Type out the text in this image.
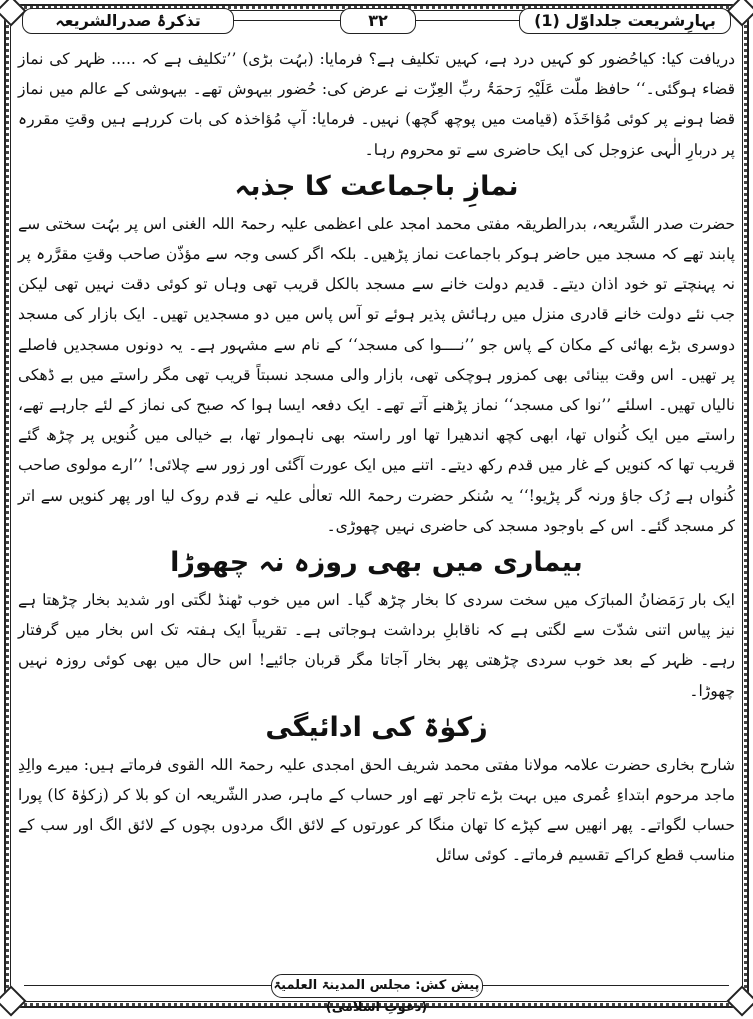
بہارِشریعت جلداوّل (1)
۳۲
تذکرۂ صدرالشریعہ

دریافت کیا: کیاحُضور کو کہیں درد ہے، کہیں تکلیف ہے؟ فرمایا: (بہُت بڑی) ’’تکلیف ہے کہ ..... ظہر کی نماز قضاء ہوگئی۔‘‘ حافظ ملّت عَلَیْہِ رَحمَۃُ ربِّ العِزّت نے عرض کی: حُضور بیہوش تھے۔ بیہوشی کے عالم میں نماز قضا ہونے پر کوئی مُؤاخَذَہ (قیامت میں پوچھ گچھ) نہیں۔ فرمایا: آپ مُؤاخذہ کی بات کررہے ہیں وقتِ مقررہ پر دربارِ الٰہی عزوجل کی ایک حاضری سے تو محروم رہا۔

نمازِ باجماعت کا جذبہ

حضرت صدر الشّریعہ، بدرالطریقہ مفتی محمد امجد علی اعظمی علیہ رحمۃ اللہ الغنی اس پر بہُت سختی سے پابند تھے کہ مسجد میں حاضر ہوکر باجماعت نماز پڑھیں۔ بلکہ اگر کسی وجہ سے مؤذّن صاحب وقتِ مقرَّرہ پر نہ پہنچتے تو خود اذان دیتے۔ قدیم دولت خانے سے مسجد بالکل قریب تھی وہاں تو کوئی دقت نہیں تھی لیکن جب نئے دولت خانے قادری منزل میں رہائش پذیر ہوئے تو آس پاس میں دو مسجدیں تھیں۔ ایک بازار کی مسجد دوسری بڑے بھائی کے مکان کے پاس جو ’’نــــوا کی مسجد‘‘ کے نام سے مشہور ہے۔ یہ دونوں مسجدیں فاصلے پر تھیں۔ اس وقت بینائی بھی کمزور ہوچکی تھی، بازار والی مسجد نسبتاً قریب تھی مگر راستے میں بے ڈھکی نالیاں تھیں۔ اسلئے ’’نوا کی مسجد‘‘ نماز پڑھنے آتے تھے۔ ایک دفعہ ایسا ہوا کہ صبح کی نماز کے لئے جارہے تھے، راستے میں ایک کُنواں تھا، ابھی کچھ اندھیرا تھا اور راستہ بھی ناہموار تھا، بے خیالی میں کُنویں پر چڑھ گئے قریب تھا کہ کنویں کے غار میں قدم رکھ دیتے۔ اتنے میں ایک عورت آگئی اور زور سے چلائی! ’’ارے مولوی صاحب کُنواں ہے رُک جاؤ ورنہ گر پڑیو!‘‘ یہ سُنکر حضرت رحمۃ اللہ تعالٰی علیہ نے قدم روک لیا اور پھر کنویں سے اتر کر مسجد گئے۔ اس کے باوجود مسجد کی حاضری نہیں چھوڑی۔

بیماری میں بھی روزہ نہ چھوڑا

ایک بار رَمَضانُ المبارَک میں سخت سردی کا بخار چڑھ گیا۔ اس میں خوب ٹھنڈ لگتی اور شدید بخار چڑھتا ہے نیز پیاس اتنی شدّت سے لگتی ہے کہ ناقابلِ برداشت ہوجاتی ہے۔ تقریباً ایک ہفتہ تک اس بخار میں گرفتار رہے۔ ظہر کے بعد خوب سردی چڑھتی پھر بخار آجاتا مگر قربان جائیے! اس حال میں بھی کوئی روزہ نہیں چھوڑا۔

زکوٰۃ کی ادائیگی

شارح بخاری حضرت علامہ مولانا مفتی محمد شریف الحق امجدی علیہ رحمۃ اللہ القوی فرماتے ہیں: میرے والِدِ ماجد مرحوم ابتداءِ عُمری میں بہت بڑے تاجر تھے اور حساب کے ماہر، صدر الشّریعہ ان کو بلا کر (زکوٰۃ کا) پورا حساب لگواتے۔ پھر انھیں سے کپڑے کا تھان منگا کر عورتوں کے لائق الگ مردوں بچوں کے لائق الگ اور سب کے مناسب قطع کراکے تقسیم فرماتے۔ کوئی سائل

پیش کش: مجلس المدینۃ العلمیۃ (دعوتِ اسلامی)
